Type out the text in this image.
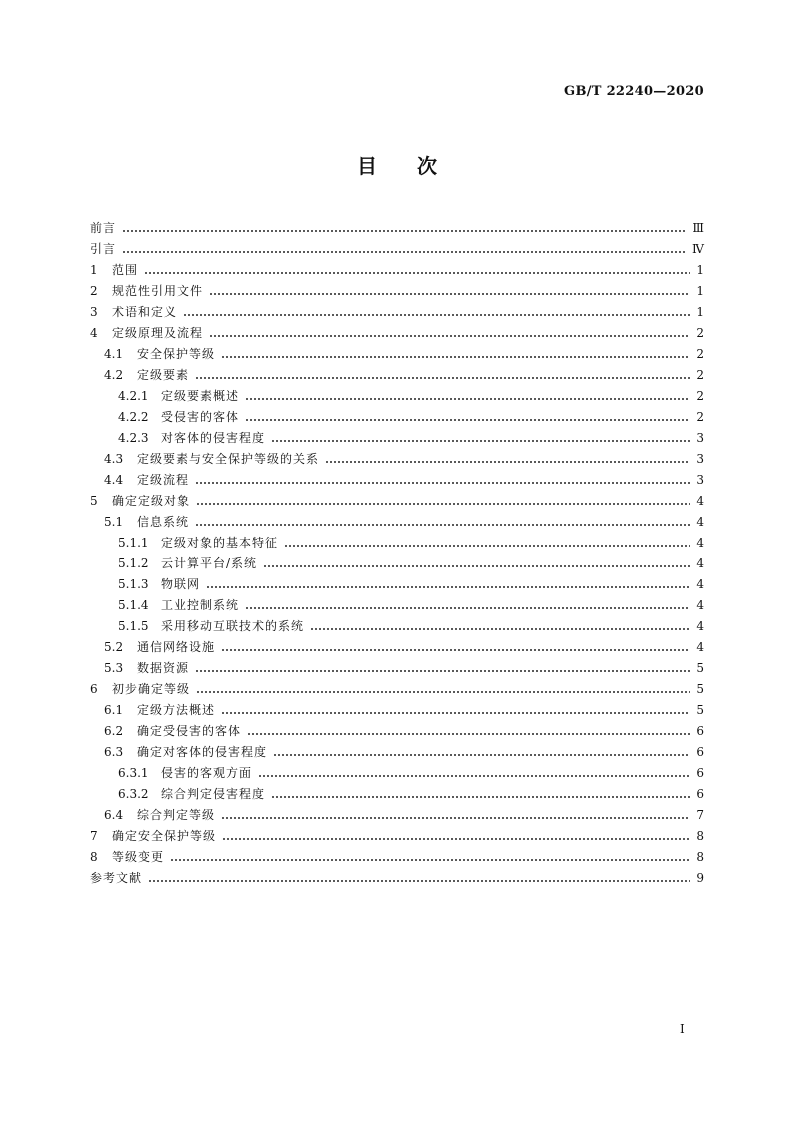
GB/T 22240—2020
目次
前言	Ⅲ
引言	Ⅳ
1	范围	1
2	规范性引用文件	1
3	术语和定义	1
4	定级原理及流程	2
4.1	安全保护等级	2
4.2	定级要素	2
4.2.1	定级要素概述	2
4.2.2	受侵害的客体	2
4.2.3	对客体的侵害程度	3
4.3	定级要素与安全保护等级的关系	3
4.4	定级流程	3
5	确定定级对象	4
5.1	信息系统	4
5.1.1	定级对象的基本特征	4
5.1.2	云计算平台/系统	4
5.1.3	物联网	4
5.1.4	工业控制系统	4
5.1.5	采用移动互联技术的系统	4
5.2	通信网络设施	4
5.3	数据资源	5
6	初步确定等级	5
6.1	定级方法概述	5
6.2	确定受侵害的客体	6
6.3	确定对客体的侵害程度	6
6.3.1	侵害的客观方面	6
6.3.2	综合判定侵害程度	6
6.4	综合判定等级	7
7	确定安全保护等级	8
8	等级变更	8
参考文献	9
I
